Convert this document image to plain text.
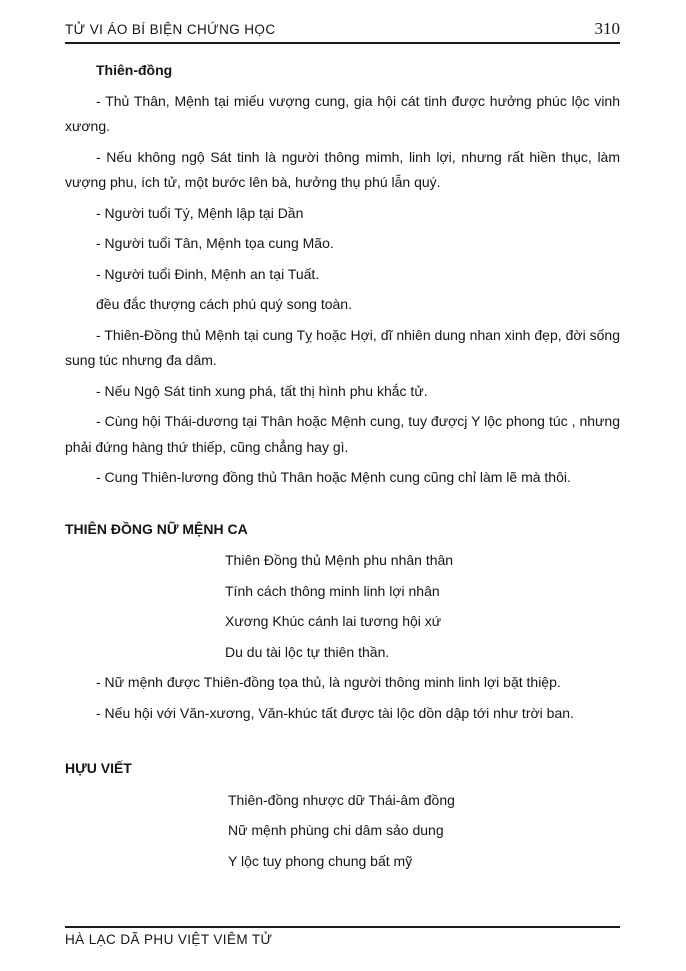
TỬ VI ÁO BÍ BIỆN CHỨNG HỌC	310
Thiên-đồng

- Thủ Thân, Mệnh tại miếu vượng cung, gia hội cát tinh được hưởng phúc lộc vinh xương.

- Nếu không ngộ Sát tinh là người thông mimh, linh lợi, nhưng rất hiền thục, làm vượng phu, ích tử, một bước lên bà, hưởng thụ phú lẫn quý.

- Người tuổi Tý, Mệnh lập tại Dần

- Người tuổi Tân, Mệnh tọa cung Mão.

- Người tuổi Đinh, Mệnh an tại Tuất.

đều đắc thượng cách phú quý song toàn.

- Thiên-Đồng thủ Mệnh tại cung Tỵ hoặc Hợi, dĩ nhiên dung nhan xinh đẹp, đời sống sung túc nhưng đa dâm.

- Nếu Ngộ Sát tinh xung phá, tất thị hình phu khắc tử.

- Cùng hội Thái-dương tại Thân hoặc Mệnh cung, tuy đượcj Y lộc phong túc , nhưng phải đứng hàng thứ thiếp, cũng chẳng hay gì.

- Cung Thiên-lương đồng thủ Thân hoặc Mệnh cung cũng chỉ làm lẽ mà thôi.

THIÊN ĐỒNG NỮ MỆNH CA
Thiên Đồng thủ Mệnh phu nhân thân
Tính cách thông minh linh lợi nhân
Xương Khúc cánh lai tương hội xứ
Du du tài lộc tự thiên thần.

- Nữ mệnh được Thiên-đồng tọa thủ, là người thông minh linh lợi bặt thiệp.

- Nếu hội với Văn-xương, Văn-khúc tất được tài lộc dồn dập tới như trời ban.

HỰU VIẾT
Thiên-đồng nhược dữ Thái-âm đồng
Nữ mệnh phùng chi dâm sảo dung
Y lộc tuy phong chung bất mỹ
HÀ LẠC DÃ PHU VIỆT VIÊM TỬ
